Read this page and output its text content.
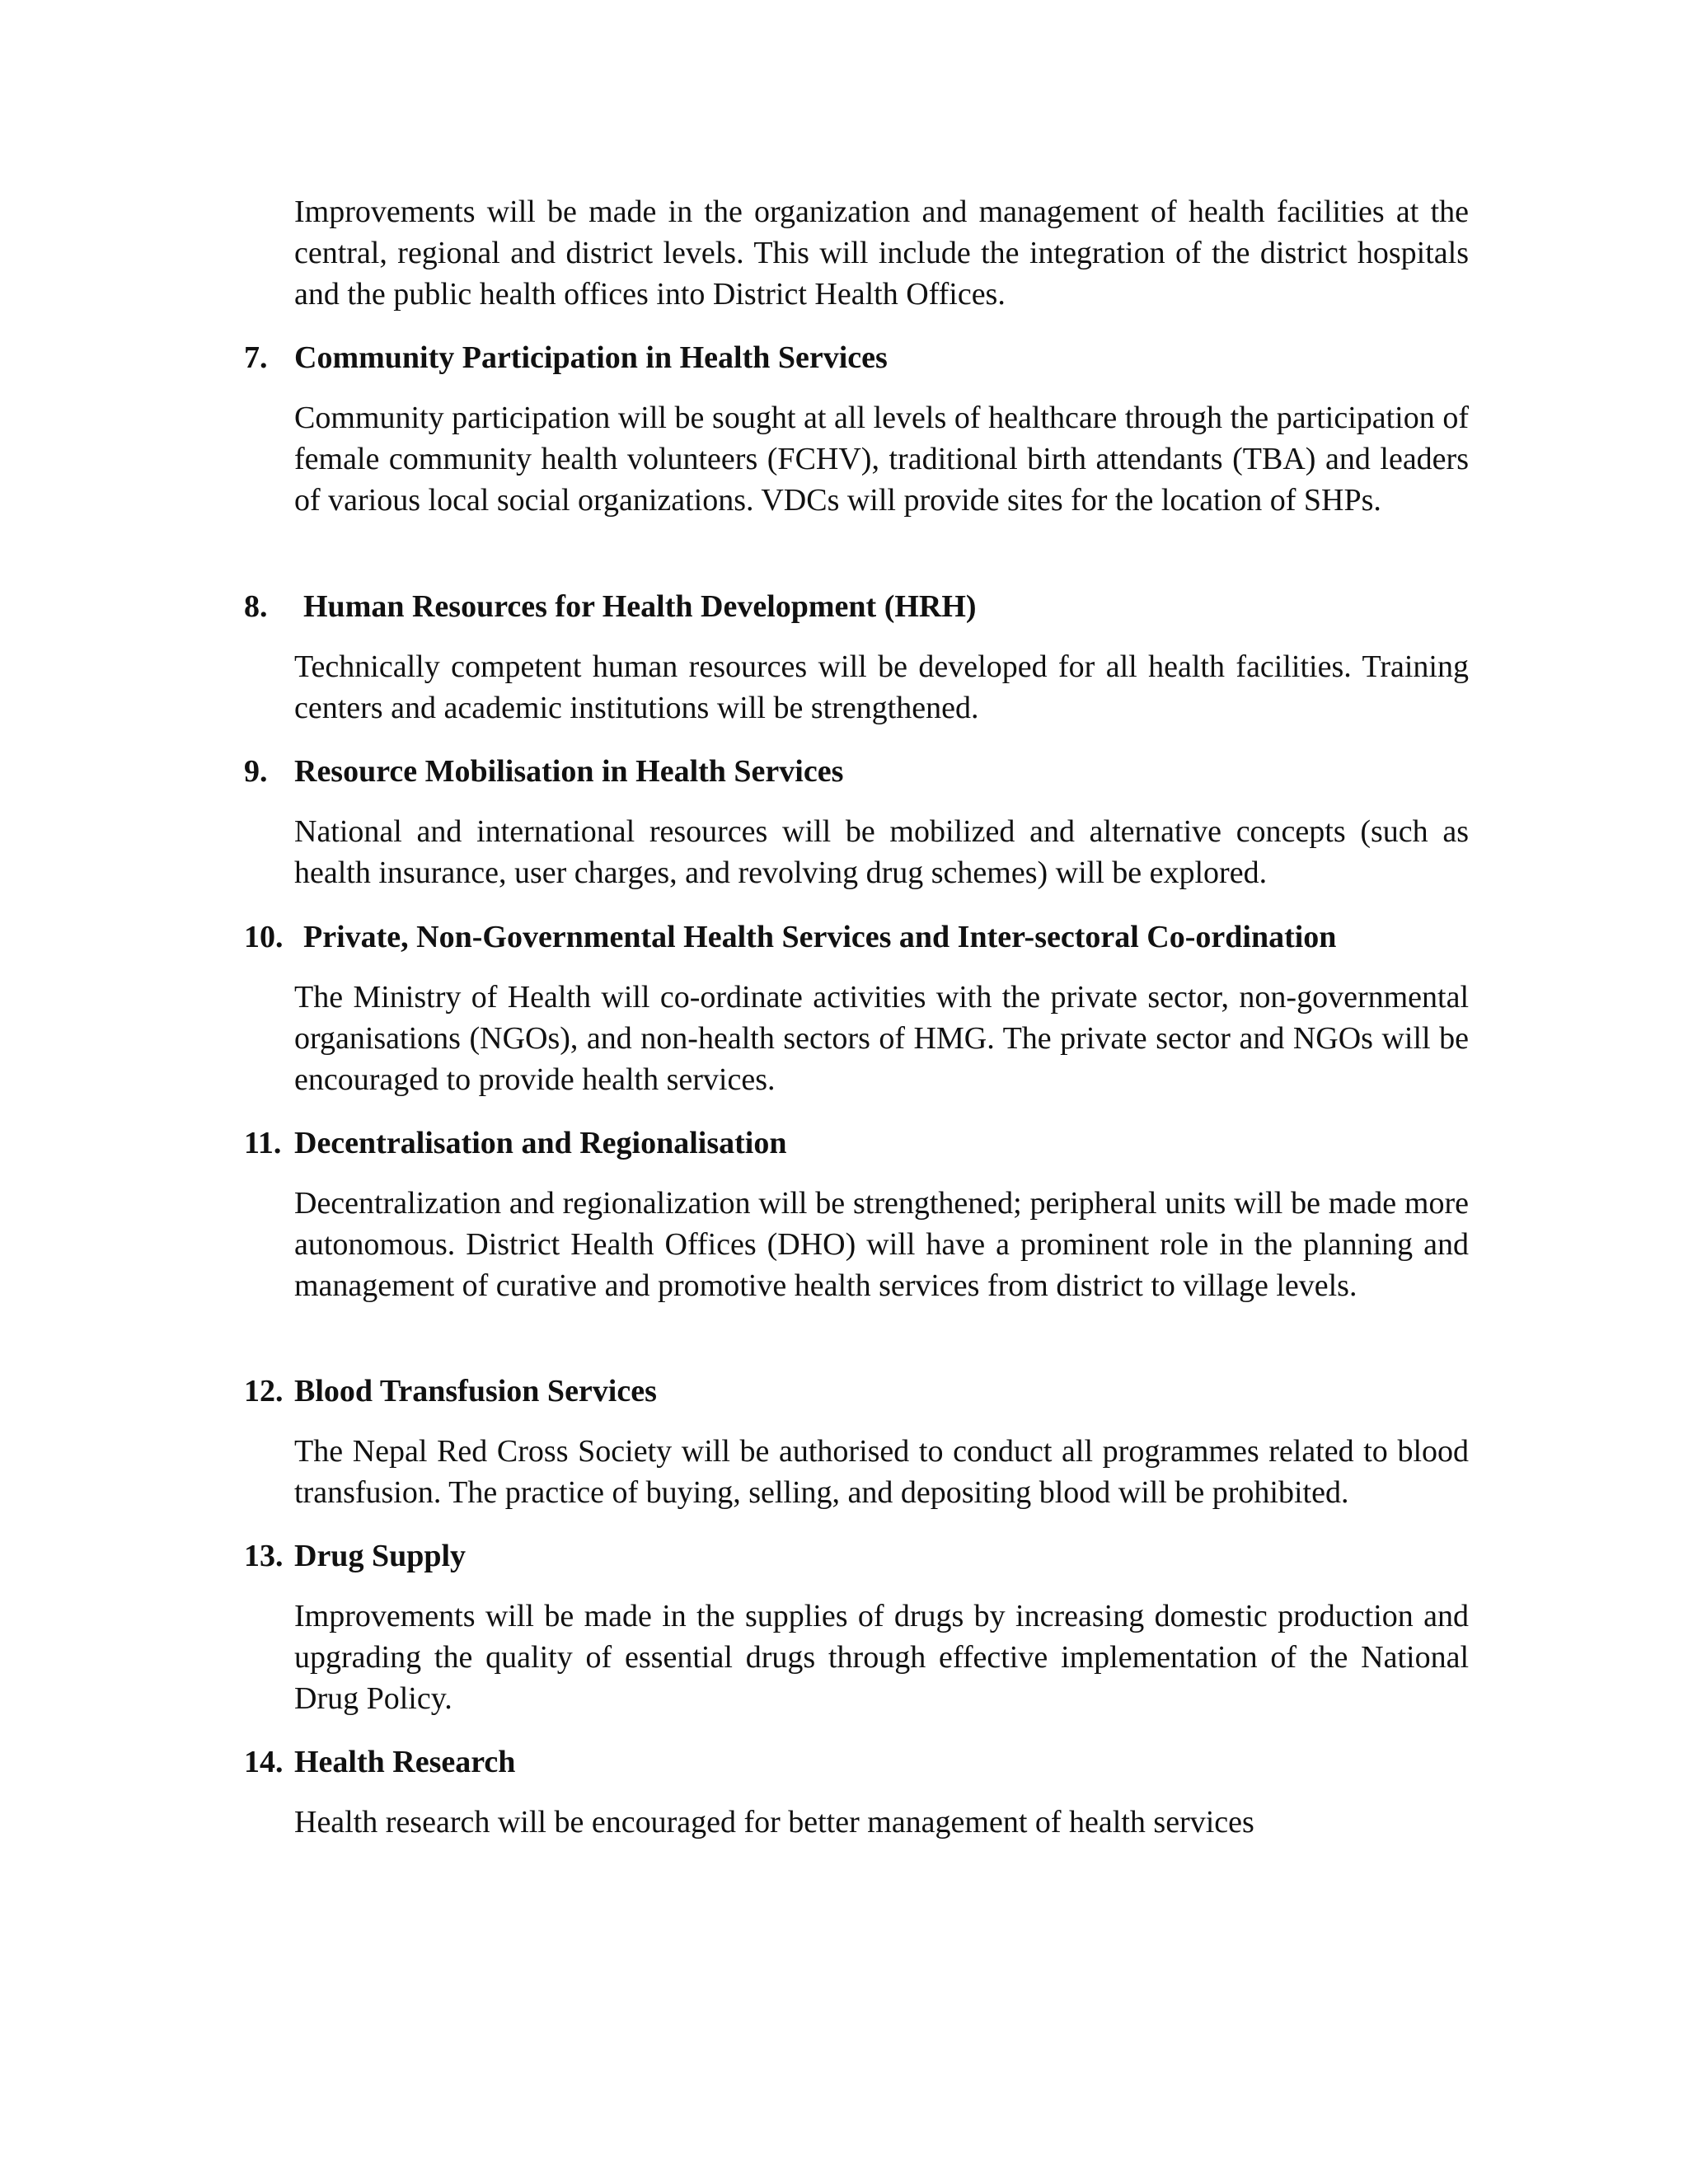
Improvements will be made in the organization and management of health facilities at the central, regional and district levels. This will include the integration of the district hospitals and the public health offices into District Health Offices.

7. Community Participation in Health Services

Community participation will be sought at all levels of healthcare through the participation of female community health volunteers (FCHV), traditional birth attendants (TBA) and leaders of various local social organizations. VDCs will provide sites for the location of SHPs.

8.	Human Resources for Health Development (HRH)

Technically competent human resources will be developed for all health facilities. Training centers and academic institutions will be strengthened.

9. Resource Mobilisation in Health Services

National and international resources will be mobilized and alternative concepts (such as health insurance, user charges, and revolving drug schemes) will be explored.

10. Private, Non-Governmental Health Services and Inter-sectoral Co-ordination

The Ministry of Health will co-ordinate activities with the private sector, non-governmental organisations (NGOs), and non-health sectors of HMG. The private sector and NGOs will be encouraged to provide health services.

11. Decentralisation and Regionalisation

Decentralization and regionalization will be strengthened; peripheral units will be made more autonomous. District Health Offices (DHO) will have a prominent role in the planning and management of curative and promotive health services from district to village levels.

12. Blood Transfusion Services

The Nepal Red Cross Society will be authorised to conduct all programmes related to blood transfusion. The practice of buying, selling, and depositing blood will be prohibited.

13. Drug Supply

Improvements will be made in the supplies of drugs by increasing domestic production and upgrading the quality of essential drugs through effective implementation of the National Drug Policy.

14. Health Research

Health research will be encouraged for better management of health services
